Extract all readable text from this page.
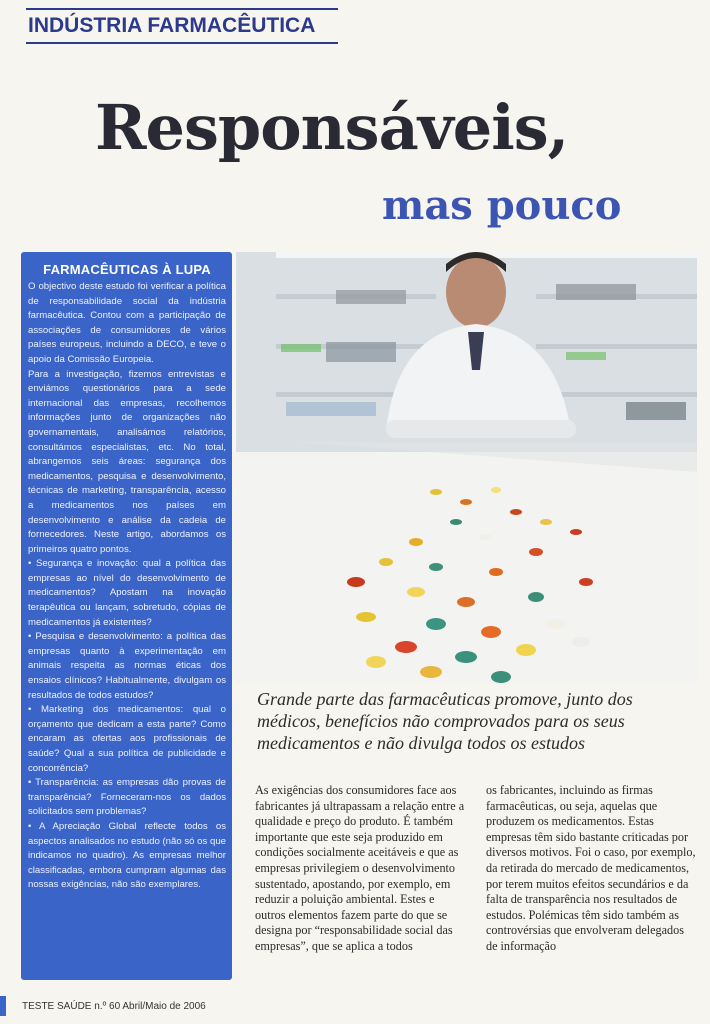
INDÚSTRIA FARMACÊUTICA
Responsáveis,
mas pouco
FARMACÊUTICAS À LUPA

O objectivo deste estudo foi verificar a política de responsabilidade social da indústria farmacêutica. Contou com a participação de associações de consumidores de vários países europeus, incluindo a DECO, e teve o apoio da Comissão Europeia.

Para a investigação, fizemos entrevistas e enviámos questionários para a sede internacional das empresas, recolhemos informações junto de organizações não governamentais, analisámos relatórios, consultámos especialistas, etc. No total, abrangemos seis áreas: segurança dos medicamentos, pesquisa e desenvolvimento, técnicas de marketing, transparência, acesso a medicamentos nos países em desenvolvimento e análise da cadeia de fornecedores. Neste artigo, abordamos os primeiros quatro pontos.

• Segurança e inovação: qual a política das empresas ao nível do desenvolvimento de medicamentos? Apostam na inovação terapêutica ou lançam, sobretudo, cópias de medicamentos já existentes?

• Pesquisa e desenvolvimento: a política das empresas quanto à experimentação em animais respeita as normas éticas dos ensaios clínicos? Habitualmente, divulgam os resultados de todos estudos?

• Marketing dos medicamentos: qual o orçamento que dedicam a esta parte? Como encaram as ofertas aos profissionais de saúde? Qual a sua política de publicidade e concorrência?

• Transparência: as empresas dão provas de transparência? Forneceram-nos os dados solicitados sem problemas?

• A Apreciação Global reflecte todos os aspectos analisados no estudo (não só os que indicamos no quadro). As empresas melhor classificadas, embora cumpram algumas das nossas exigências, não são exemplares.

Grande parte das farmacêuticas promove, junto dos médicos, benefícios não comprovados para os seus medicamentos e não divulga todos os estudos

As exigências dos consumidores face aos fabricantes já ultrapassam a relação entre a qualidade e preço do produto. É também importante que este seja produzido em condições socialmente aceitáveis e que as empresas privilegiem o desenvolvimento sustentado, apostando, por exemplo, em reduzir a poluição ambiental. Estes e outros elementos fazem parte do que se designa por “responsabilidade social das empresas”, que se aplica a todos

os fabricantes, incluindo as firmas farmacêuticas, ou seja, aquelas que produzem os medicamentos. Estas empresas têm sido bastante criticadas por diversos motivos. Foi o caso, por exemplo, da retirada do mercado de medicamentos, por terem muitos efeitos secundários e da falta de transparência nos resultados de estudos. Polémicas têm sido também as controvérsias que envolveram delegados de informação

TESTE SAÚDE n.º 60 Abril/Maio de 2006
